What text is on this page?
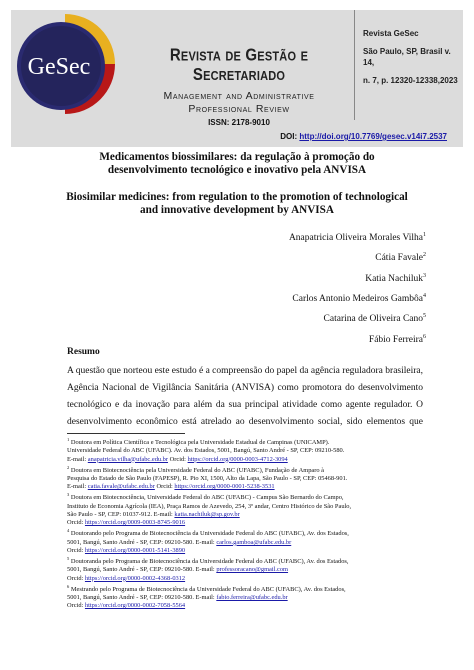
GeSec	Revista de Gestão e Secretariado
Management and Administrative
Professional Review
ISSN: 2178-9010
Revista GeSec
São Paulo, SP, Brasil v. 14,
n. 7, p. 12320-12338,2023
DOI: http://doi.org/10.7769/gesec.v14i7.2537
Medicamentos biossimilares: da regulação à promoção do
desenvolvimento tecnológico e inovativo pela ANVISA
Biosimilar medicines: from regulation to the promotion of technological
and innovative development by ANVISA
Anapatricia Oliveira Morales Vilha$^1$
Cátia Favale$^2$
Katia Nachiluk$^3$
Carlos Antonio Medeiros Gambôa$^4$
Catarina de Oliveira Cano$^5$
Fábio Ferreira$^6$
Resumo
A questão que norteou este estudo é a compreensão do papel da agência reguladora brasileira,
Agência Nacional de Vigilância Sanitária (ANVISA) como promotora do desenvolvimento
tecnológico e da inovação para além da sua principal atividade como agente regulador. O
desenvolvimento econômico está atrelado ao desenvolvimento social, sido elementos que
$^1$ Doutora em Política Científica e Tecnológica pela Universidade Estadual de Campinas (UNICAMP).
Universidade Federal do ABC (UFABC). Av. dos Estados, 5001, Bangú, Santo André - SP, CEP: 09210-580.
E-mail: anapatricia.vilha@ufabc.edu.br Orcid: https://orcid.org/0000-0003-4712-3094
$^2$ Doutora em Biotecnociência pela Universidade Federal do ABC (UFABC), Fundação de Amparo à
Pesquisa do Estado de São Paulo (FAPESP), R. Pio XI, 1500, Alto da Lapa, São Paulo - SP, CEP: 05468-901.
E-mail: catia.favale@ufabc.edu.br Orcid: https://orcid.org/0000-0001-5238-3531
$^3$ Doutora em Biotecnociência, Universidade Federal do ABC (UFABC) - Campus São Bernardo do Campo,
Instituto de Economia Agrícola (IEA), Praça Ramos de Azevedo, 254, 3º andar, Centro Histórico de São Paulo,
São Paulo - SP, CEP: 01037-912. E-mail: katia.nachiluk@sp.gov.br
Orcid: https://orcid.org/0009-0003-8745-9016
$^4$ Doutorando pelo Programa de Biotecnociência da Universidade Federal do ABC (UFABC), Av. dos Estados,
5001, Bangú, Santo André - SP, CEP: 09210-580. E-mail: carlos.gamboa@ufabc.edu.br
Orcid: https://orcid.org/0000-0001-5141-3890
$^5$ Doutoranda pelo Programa de Biotecnociência da Universidade Federal do ABC (UFABC), Av. dos Estados,
5001, Bangú, Santo André - SP, CEP: 09210-580. E-mail: professoracano@gmail.com
Orcid: https://orcid.org/0000-0002-4368-0312
$^6$ Mestrando pelo Programa de Biotecnociência da Universidade Federal do ABC (UFABC), Av. dos Estados,
5001, Bangú, Santo André - SP, CEP: 09210-580. E-mail: fabio.ferreira@ufabc.edu.br
Orcid: https://orcid.org/0000-0002-7058-5564
